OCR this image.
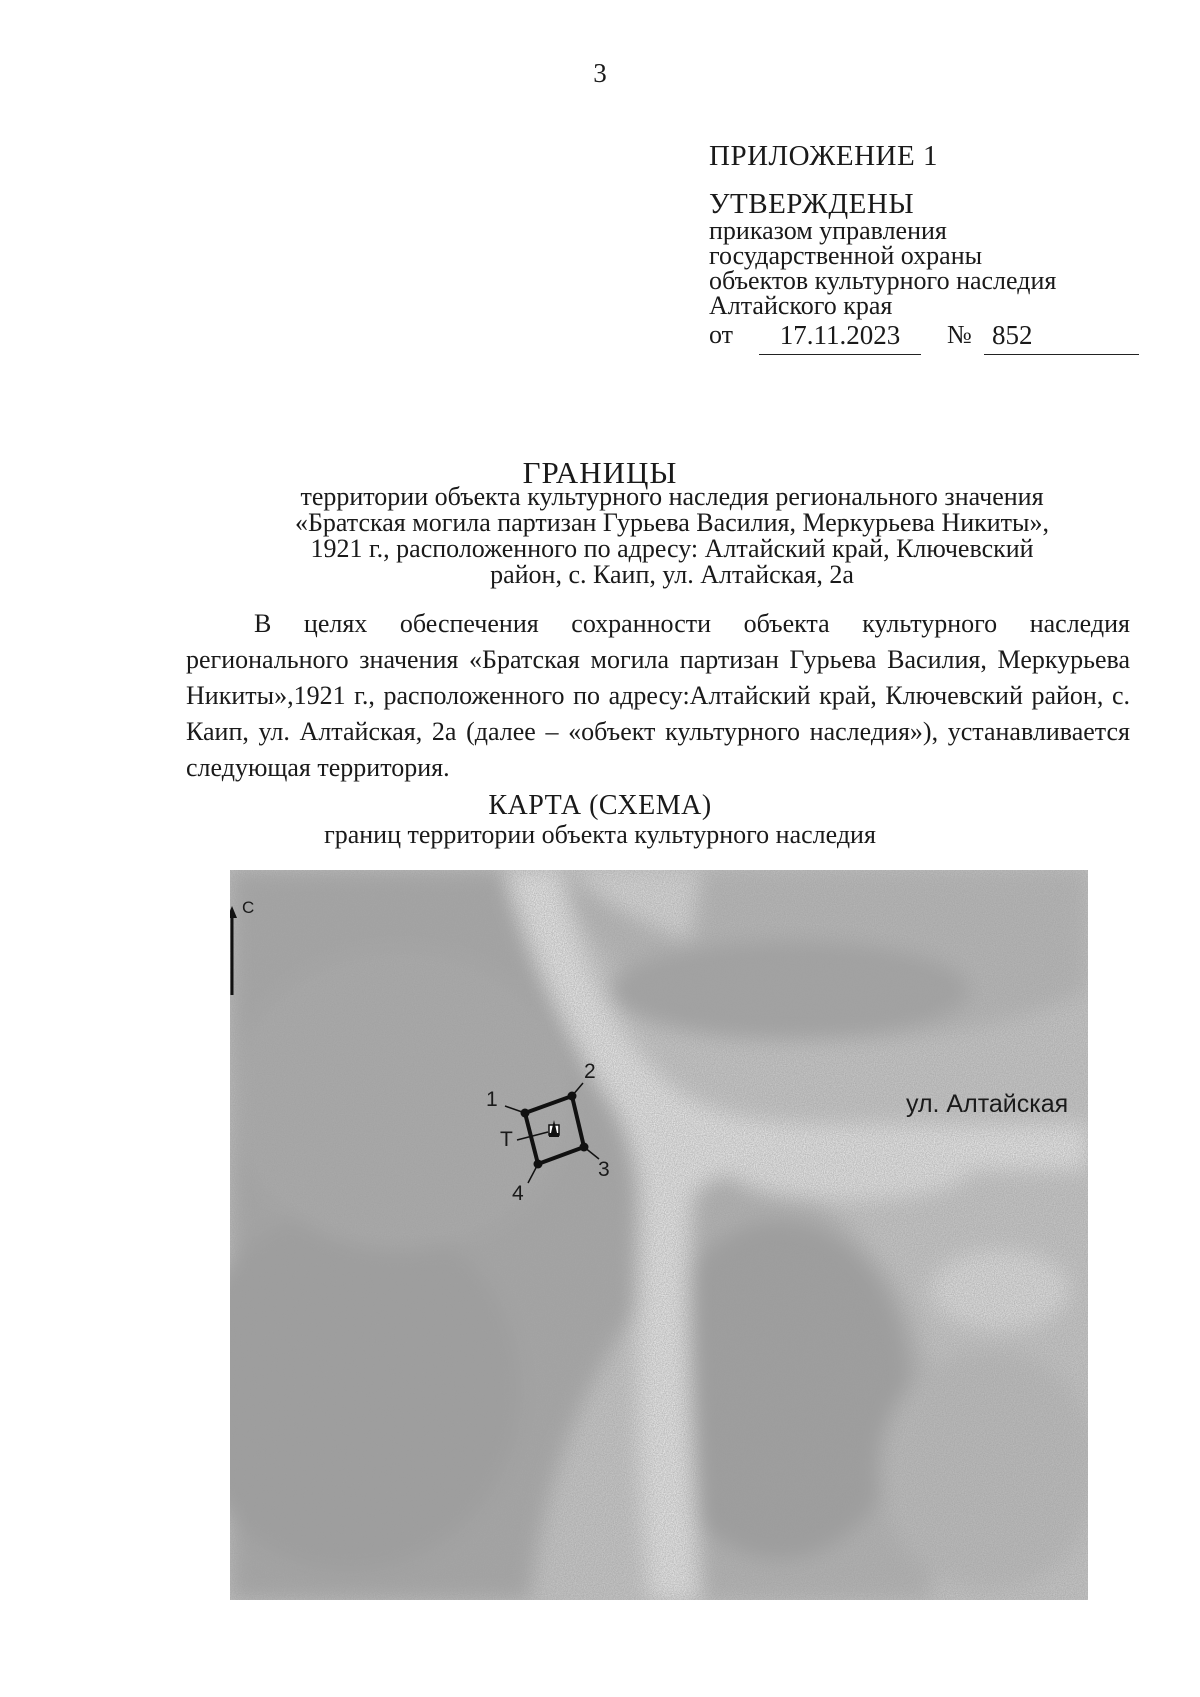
3
ПРИЛОЖЕНИЕ 1
УТВЕРЖДЕНЫ
приказом управления
государственной охраны
объектов культурного наследия
Алтайского края
от	17.11.2023	№ 852
ГРАНИЦЫ
территории объекта культурного наследия регионального значения
«Братская могила партизан Гурьева Василия, Меркурьева Никиты»,
1921 г., расположенного по адресу: Алтайский край, Ключевский
район, с. Каип, ул. Алтайская, 2а
В целях обеспечения сохранности объекта культурного наследия регионального значения «Братская могила партизан Гурьева Василия, Меркурьева Никиты»,1921 г., расположенного по адресу:Алтайский край, Ключевский район, с. Каип, ул. Алтайская, 2а (далее – «объект культурного наследия»), устанавливается следующая территория.
КАРТА (СХЕМА)
границ территории объекта культурного наследия
С
ул. Алтайская
1
2
3
4
Т
